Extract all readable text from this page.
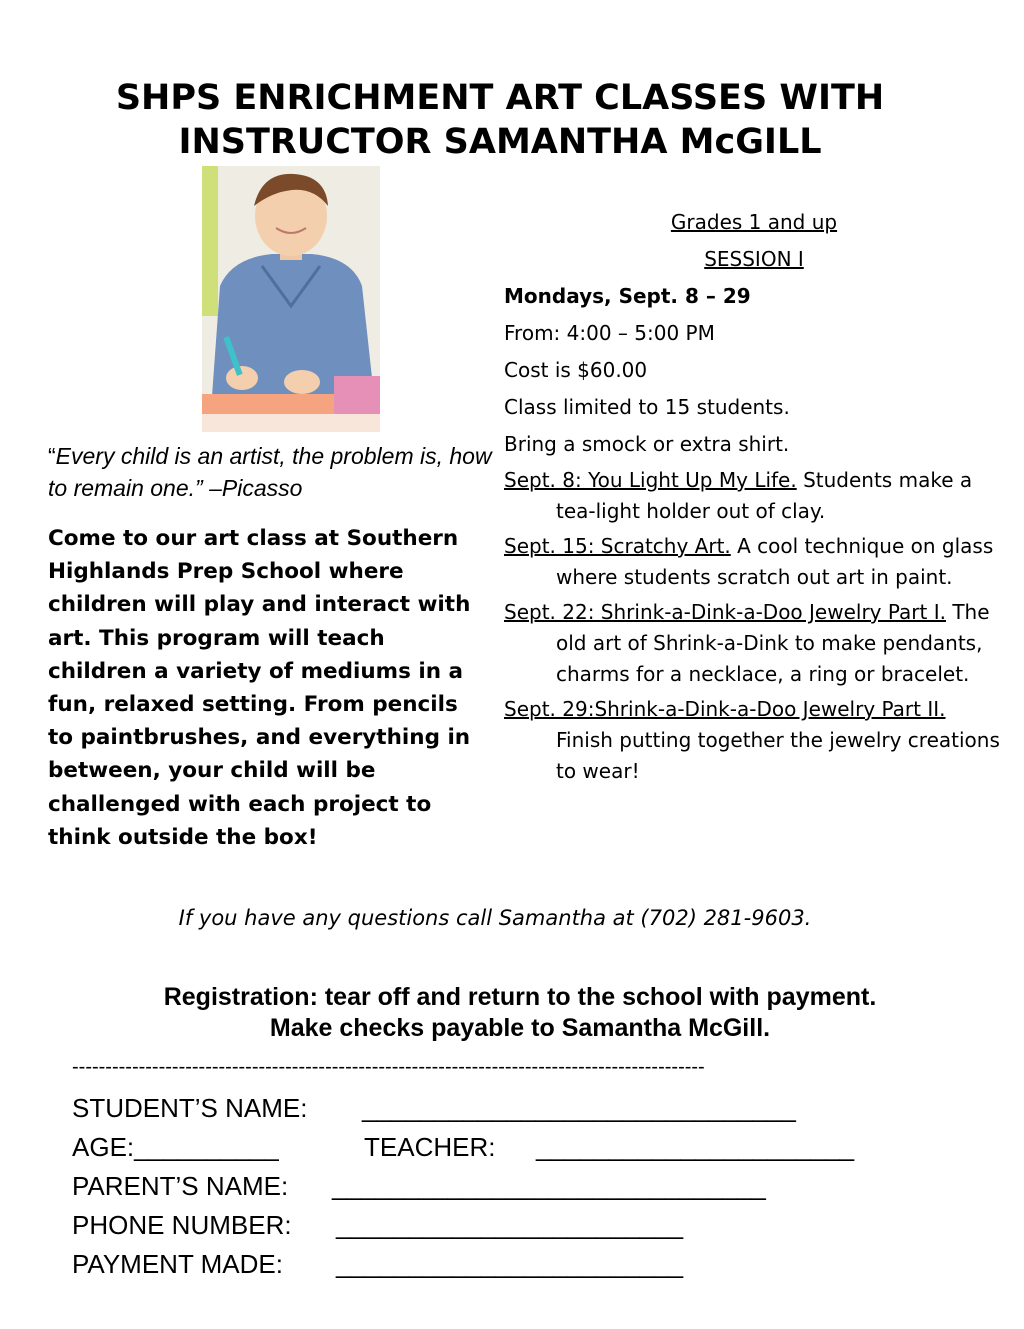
SHPS ENRICHMENT ART CLASSES WITH
INSTRUCTOR SAMANTHA McGILL
“Every child is an artist, the problem is, how to remain one.” –Picasso

Come to our art class at Southern Highlands Prep School where children will play and interact with art. This program will teach children a variety of mediums in a fun, relaxed setting. From pencils to paintbrushes, and everything in between, your child will be challenged with each project to think outside the box!

Grades 1 and up
SESSION I
Mondays, Sept. 8 – 29
From: 4:00 – 5:00 PM
Cost is $60.00
Class limited to 15 students.
Bring a smock or extra shirt.
Sept. 8: You Light Up My Life. Students make a tea-light holder out of clay.
Sept. 15: Scratchy Art. A cool technique on glass where students scratch out art in paint.
Sept. 22: Shrink-a-Dink-a-Doo Jewelry Part I. The old art of Shrink-a-Dink to make pendants, charms for a necklace, a ring or bracelet.
Sept. 29:Shrink-a-Dink-a-Doo Jewelry Part II. Finish putting together the jewelry creations to wear!
If you have any questions call Samantha at (702) 281-9603.
Registration: tear off and return to the school with payment.
Make checks payable to Samantha McGill.
-----------------------------------------------------------------------------------------------
STUDENT’S NAME: ______________________________
AGE:__________	TEACHER: ______________________
PARENT’S NAME: ______________________________
PHONE NUMBER: ________________________
PAYMENT MADE: ________________________
